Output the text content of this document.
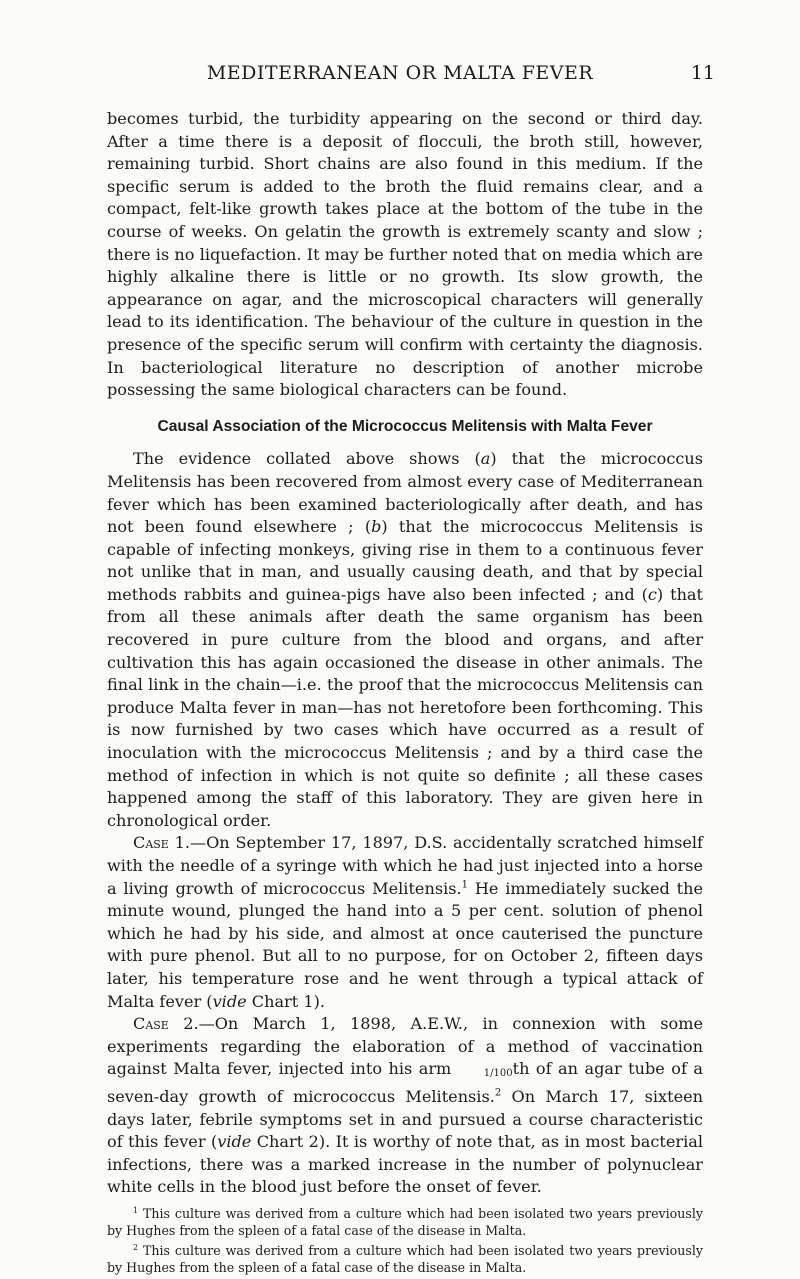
MEDITERRANEAN OR MALTA FEVER	11

becomes turbid, the turbidity appearing on the second or third day. After a time there is a deposit of flocculi, the broth still, however, remaining turbid. Short chains are also found in this medium. If the specific serum is added to the broth the fluid remains clear, and a compact, felt-like growth takes place at the bottom of the tube in the course of weeks. On gelatin the growth is extremely scanty and slow ; there is no liquefaction. It may be further noted that on media which are highly alkaline there is little or no growth. Its slow growth, the appearance on agar, and the microscopical characters will generally lead to its identification. The behaviour of the culture in question in the presence of the specific serum will confirm with certainty the diagnosis. In bacteriological literature no description of another microbe possessing the same biological characters can be found.

Causal Association of the Micrococcus Melitensis with Malta Fever

The evidence collated above shows (a) that the micrococcus Melitensis has been recovered from almost every case of Mediterranean fever which has been examined bacteriologically after death, and has not been found elsewhere ; (b) that the micrococcus Melitensis is capable of infecting monkeys, giving rise in them to a continuous fever not unlike that in man, and usually causing death, and that by special methods rabbits and guinea-pigs have also been infected ; and (c) that from all these animals after death the same organism has been recovered in pure culture from the blood and organs, and after cultivation this has again occasioned the disease in other animals. The final link in the chain—i.e. the proof that the micrococcus Melitensis can produce Malta fever in man—has not heretofore been forthcoming. This is now furnished by two cases which have occurred as a result of inoculation with the micrococcus Melitensis ; and by a third case the method of infection in which is not quite so definite ; all these cases happened among the staff of this laboratory. They are given here in chronological order.

Case 1.—On September 17, 1897, D.S. accidentally scratched himself with the needle of a syringe with which he had just injected into a horse a living growth of micrococcus Melitensis.$^1$ He immediately sucked the minute wound, plunged the hand into a 5 per cent. solution of phenol which he had by his side, and almost at once cauterised the puncture with pure phenol. But all to no purpose, for on October 2, fifteen days later, his temperature rose and he went through a typical attack of Malta fever (vide Chart 1).

Case 2.—On March 1, 1898, A.E.W., in connexion with some experiments regarding the elaboration of a method of vaccination against Malta fever, injected into his arm	1/100th of an agar tube of a seven-day growth of micrococcus Melitensis.$^2$ On March 17, sixteen days later, febrile symptoms set in and pursued a course characteristic of this fever (vide Chart 2). It is worthy of note that, as in most bacterial infections, there was a marked increase in the number of polynuclear white cells in the blood just before the onset of fever.

$^1$ This culture was derived from a culture which had been isolated two years previously by Hughes from the spleen of a fatal case of the disease in Malta.

$^2$ This culture was derived from a culture which had been isolated two years previously by Hughes from the spleen of a fatal case of the disease in Malta.
